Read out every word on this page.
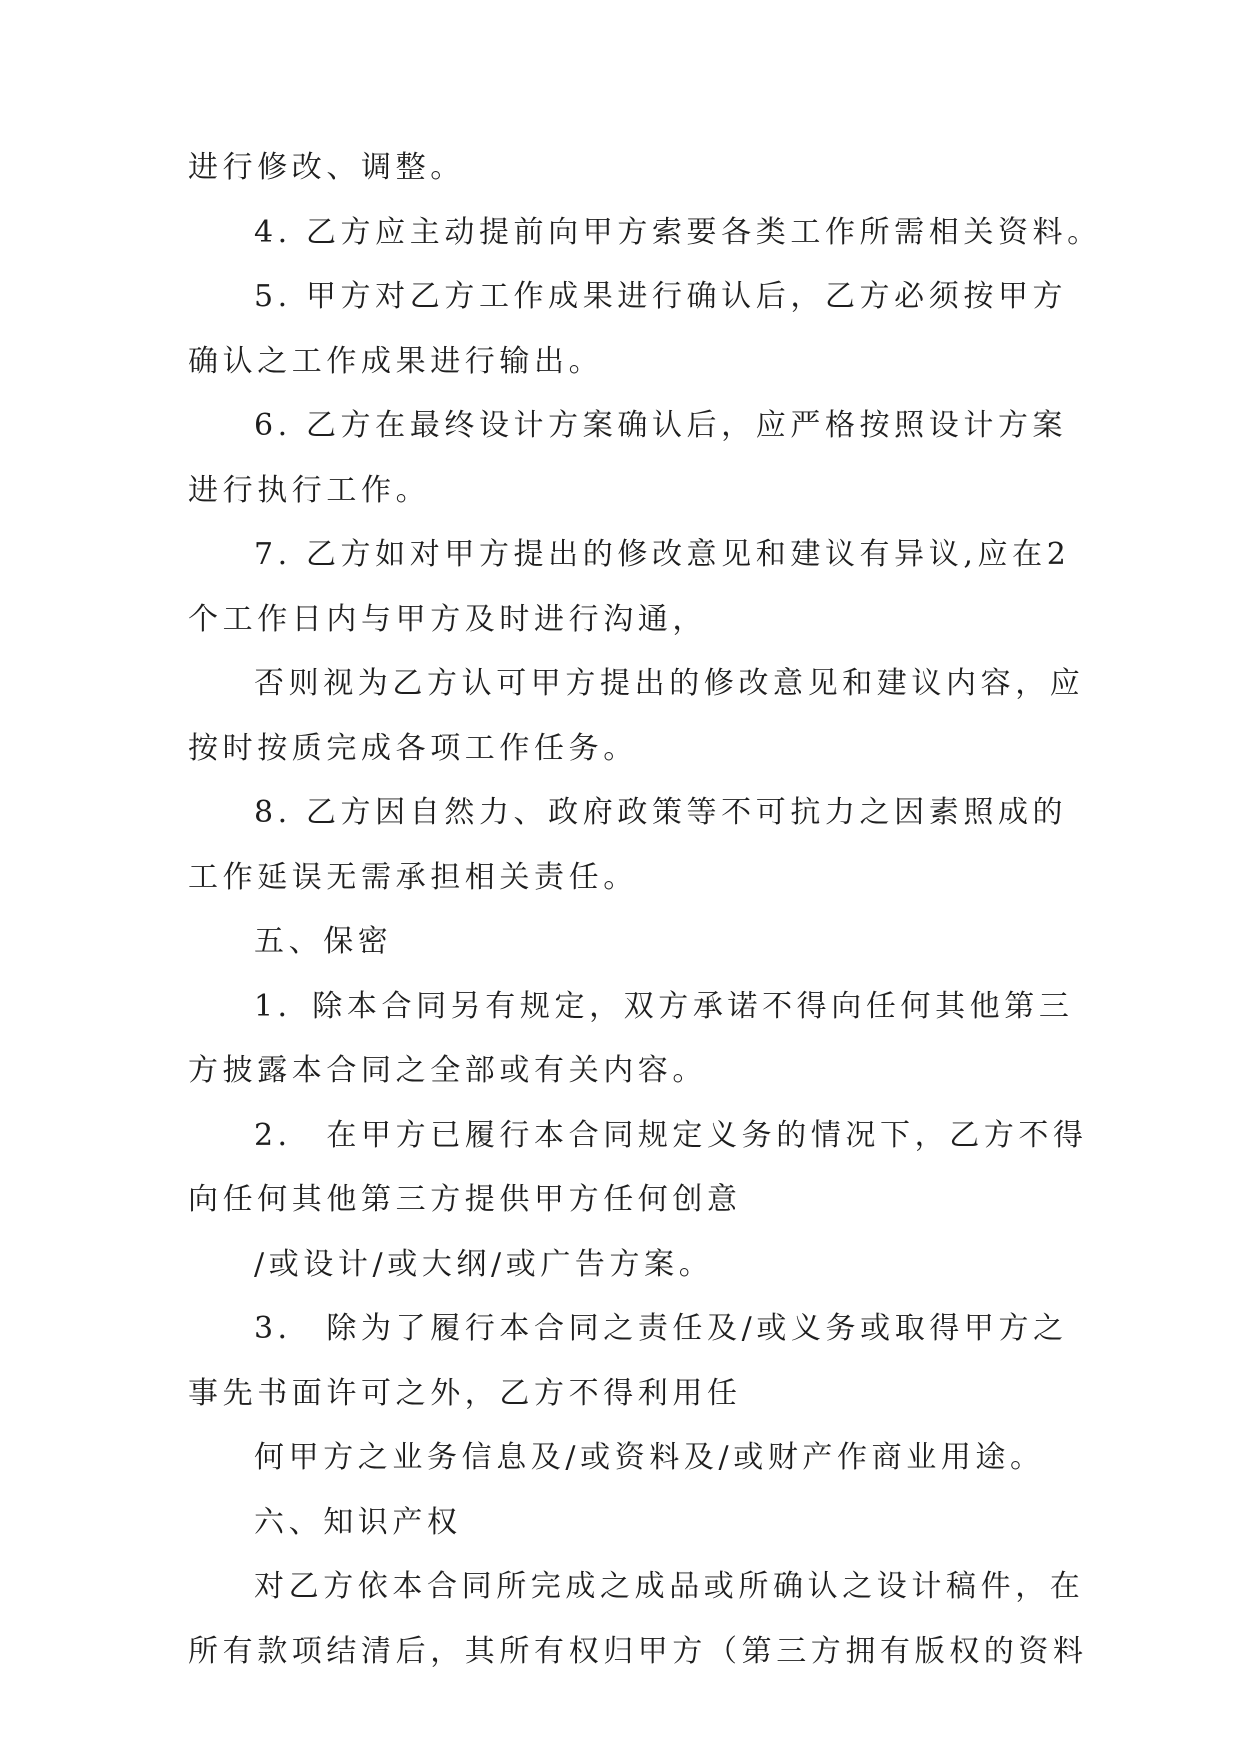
进行修改、调整。
4. 乙方应主动提前向甲方索要各类工作所需相关资料。
5. 甲方对乙方工作成果进行确认后，乙方必须按甲方
确认之工作成果进行输出。
6. 乙方在最终设计方案确认后，应严格按照设计方案
进行执行工作。
7. 乙方如对甲方提出的修改意见和建议有异议,应在2
个工作日内与甲方及时进行沟通，
否则视为乙方认可甲方提出的修改意见和建议内容，应
按时按质完成各项工作任务。
8. 乙方因自然力、政府政策等不可抗力之因素照成的
工作延误无需承担相关责任。
五、保密
1．除本合同另有规定，双方承诺不得向任何其他第三
方披露本合同之全部或有关内容。
2． 在甲方已履行本合同规定义务的情况下，乙方不得
向任何其他第三方提供甲方任何创意
/或设计/或大纲/或广告方案。
3． 除为了履行本合同之责任及/或义务或取得甲方之
事先书面许可之外，乙方不得利用任
何甲方之业务信息及/或资料及/或财产作商业用途。
六、知识产权
对乙方依本合同所完成之成品或所确认之设计稿件，在
所有款项结清后，其所有权归甲方（第三方拥有版权的资料
